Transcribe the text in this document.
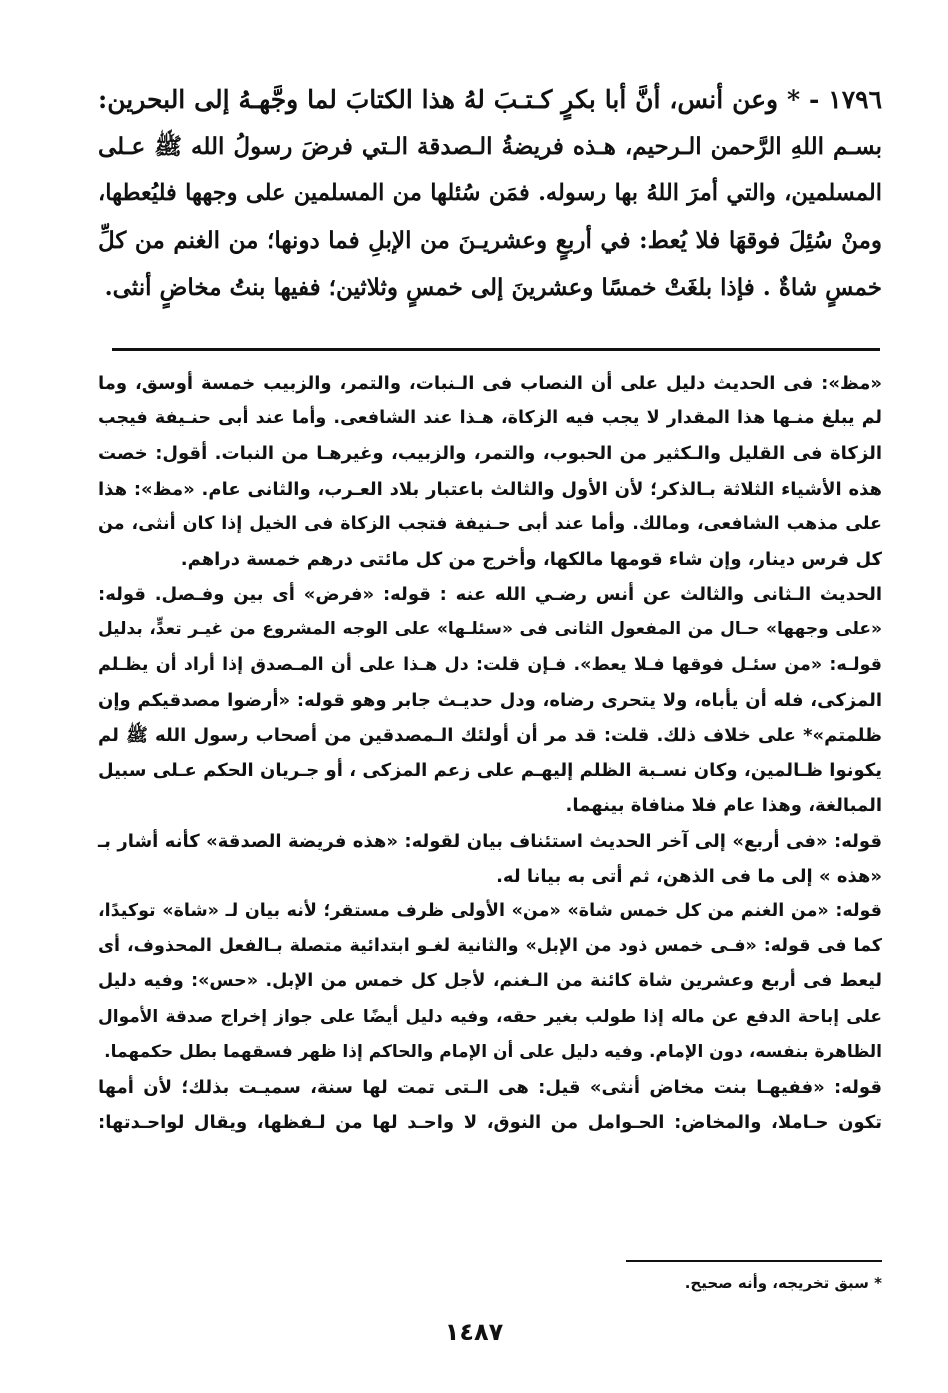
١٧٩٦ - * وعن أنس، أنَّ أبا بكرٍ كـتـبَ لهُ هذا الكتابَ لما وجَّهـهُ إلى البحرين:
بسـم اللهِ الرَّحمن الـرحيم، هـذه فريضةُ الـصدقة الـتي فرضَ رسولُ الله ﷺ عـلى
المسلمين، والتي أمرَ اللهُ بها رسوله. فمَن سُئلها من المسلمين على وجهها فليُعطها،
ومنْ سُئِلَ فوقهَا فلا يُعط: في أربعٍ وعشريـنَ من الإبلِ فما دونها؛ من الغنم من كلِّ
خمسٍ شاةٌ . فإذا بلغَتْ خمسًا وعشرينَ إلى خمسٍ وثلاثين؛ ففيها بنتُ مخاضٍ أنثى.

«مظ»: فى الحديث دليل على أن النصاب فى الـنبات، والتمر، والزبيب خمسة أوسق، وما
لم يبلغ منـها هذا المقدار لا يجب فيه الزكاة، هـذا عند الشافعى. وأما عند أبى حنـيفة فيجب
الزكاة فى القليل والـكثير من الحبوب، والتمر، والزبيب، وغيرهـا من النبات. أقول: خصت
هذه الأشياء الثلاثة بـالذكر؛ لأن الأول والثالث باعتبار بلاد العـرب، والثانى عام. «مظ»: هذا
على مذهب الشافعى، ومالك. وأما عند أبى حـنيفة فتجب الزكاة فى الخيل إذا كان أنثى، من
كل فرس دينار، وإن شاء قومها مالكها، وأخرج من كل مائتى درهم خمسة دراهم.

الحديث الـثانى والثالث عن أنس رضـي الله عنه : قوله: «فرض» أى بين وفـصل. قوله:
«على وجهها» حـال من المفعول الثانى فى «سئلـها» على الوجه المشروع من غيـر تعدٍّ، بدليل
قولـه: «من سئـل فوقها فـلا يعط». فـإن قلت: دل هـذا على أن المـصدق إذا أراد أن يظـلم
المزكى، فله أن يأباه، ولا يتحرى رضاه، ودل حديـث جابر وهو قوله: «أرضوا مصدقيكم وإن
ظلمتم»* على خلاف ذلك. قلت: قد مر أن أولئك الـمصدقين من أصحاب رسول الله ﷺ لم
يكونوا ظـالمين، وكان نسـبة الظلم إليهـم على زعم المزكى ، أو جـريان الحكم عـلى سبيل
المبالغة، وهذا عام فلا منافاة بينهما.

قوله: «فى أربع» إلى آخر الحديث استئناف بيان لقوله: «هذه فريضة الصدقة» كأنه أشار بـ
«هذه » إلى ما فى الذهن، ثم أتى به بيانا له.

قوله: «من الغنم من كل خمس شاة» «من» الأولى ظرف مستقر؛ لأنه بيان لـ «شاة» توكيدًا،
كما فى قوله: «فـى خمس ذود من الإبل» والثانية لغـو ابتدائية متصلة بـالفعل المحذوف، أى
ليعط فى أربع وعشرين شاة كائنة من الـغنم، لأجل كل خمس من الإبل. «حس»: وفيه دليل
على إباحة الدفع عن ماله إذا طولب بغير حقه، وفيه دليل أيضًا على جواز إخراج صدقة الأموال
الظاهرة بنفسه، دون الإمام. وفيه دليل على أن الإمام والحاكم إذا ظهر فسقهما بطل حكمهما.

قوله: «ففيهـا بنت مخاض أنثى» قيل: هى الـتى تمت لها سنة، سميـت بذلك؛ لأن أمها
تكون حـاملا، والمخاض: الحـوامل من النوق، لا واحـد لها من لـفظها، ويقال لواحـدتها:

* سبق تخريجه، وأنه صحيح.
١٤٨٧
